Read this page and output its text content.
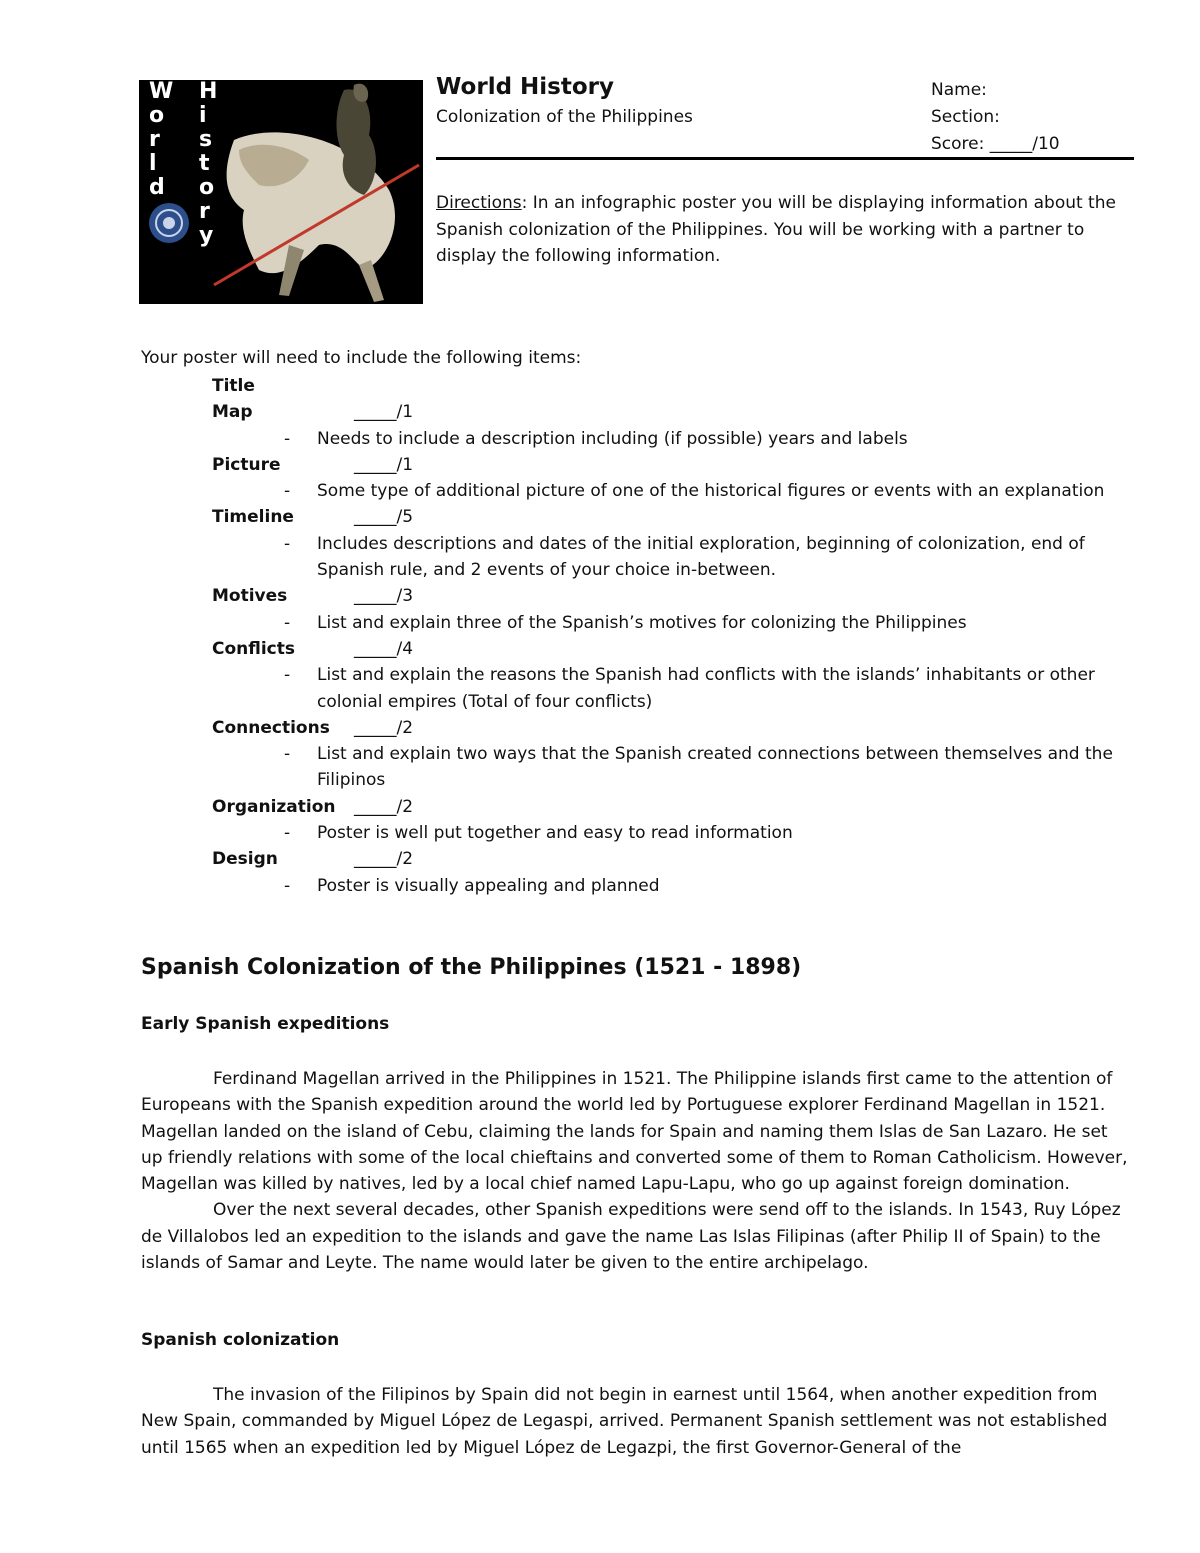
W
o
r
l
d
H
i
s
t
o
r
y
World History
Colonization of the Philippines
Name:
Section:
Score: _____/10
Directions: In an infographic poster you will be displaying information about the Spanish colonization of the Philippines. You will be working with a partner to display the following information.
Your poster will need to include the following items:
Title
Map	_____/1
-	Needs to include a description including (if possible) years and labels
Picture	_____/1
-	Some type of additional picture of one of the historical figures or events with an explanation
Timeline	_____/5
-	Includes descriptions and dates of the initial exploration, beginning of colonization, end of Spanish rule, and 2 events of your choice in-between.
Motives	_____/3
-	List and explain three of the Spanish’s motives for colonizing the Philippines
Conflicts	_____/4
-	List and explain the reasons the Spanish had conflicts with the islands’ inhabitants or other colonial empires (Total of four conflicts)
Connections	_____/2
-	List and explain two ways that the Spanish created connections between themselves and the Filipinos
Organization	_____/2
-	Poster is well put together and easy to read information
Design	_____/2
-	Poster is visually appealing and planned
Spanish Colonization of the Philippines (1521 - 1898)
Early Spanish expeditions

Ferdinand Magellan arrived in the Philippines in 1521. The Philippine islands first came to the attention of Europeans with the Spanish expedition around the world led by Portuguese explorer Ferdinand Magellan in 1521. Magellan landed on the island of Cebu, claiming the lands for Spain and naming them Islas de San Lazaro. He set up friendly relations with some of the local chieftains and converted some of them to Roman Catholicism. However, Magellan was killed by natives, led by a local chief named Lapu-Lapu, who go up against foreign domination.

Over the next several decades, other Spanish expeditions were send off to the islands. In 1543, Ruy López de Villalobos led an expedition to the islands and gave the name Las Islas Filipinas (after Philip II of Spain) to the islands of Samar and Leyte. The name would later be given to the entire archipelago.

Spanish colonization

The invasion of the Filipinos by Spain did not begin in earnest until 1564, when another expedition from New Spain, commanded by Miguel López de Legaspi, arrived. Permanent Spanish settlement was not established until 1565 when an expedition led by Miguel López de Legazpi, the first Governor-General of the
